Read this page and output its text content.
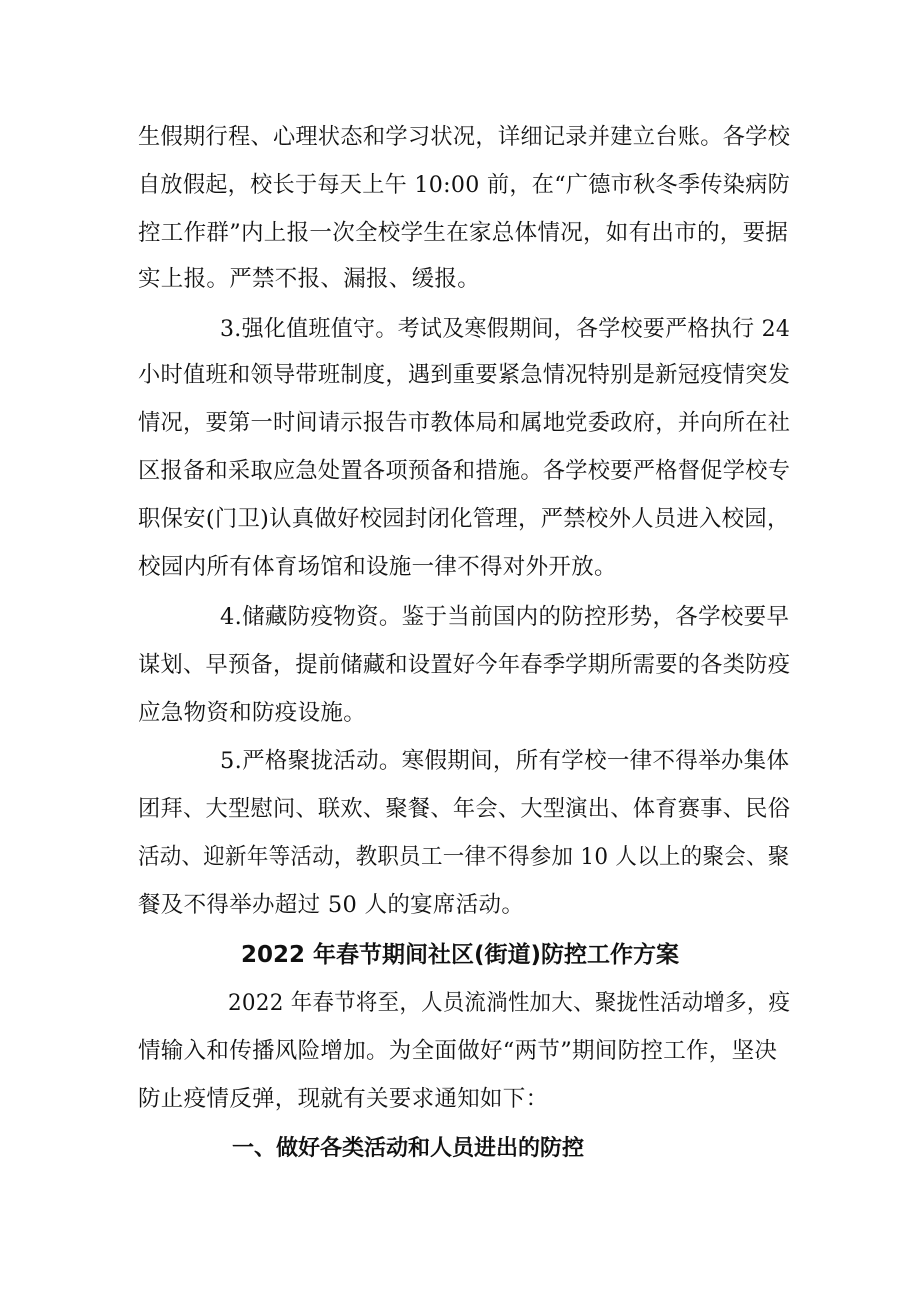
生假期行程、心理状态和学习状况，详细记录并建立台账。各学校
自放假起，校长于每天上午 10:00 前，在“广德市秋冬季传染病防
控工作群”内上报一次全校学生在家总体情况，如有出市的，要据
实上报。严禁不报、漏报、缓报。
3.强化值班值守。考试及寒假期间，各学校要严格执行 24
小时值班和领导带班制度，遇到重要紧急情况特别是新冠疫情突发
情况，要第一时间请示报告市教体局和属地党委政府，并向所在社
区报备和采取应急处置各项预备和措施。各学校要严格督促学校专
职保安(门卫)认真做好校园封闭化管理，严禁校外人员进入校园，
校园内所有体育场馆和设施一律不得对外开放。
4.储藏防疫物资。鉴于当前国内的防控形势，各学校要早
谋划、早预备，提前储藏和设置好今年春季学期所需要的各类防疫
应急物资和防疫设施。
5.严格聚拢活动。寒假期间，所有学校一律不得举办集体
团拜、大型慰问、联欢、聚餐、年会、大型演出、体育赛事、民俗
活动、迎新年等活动，教职员工一律不得参加 10 人以上的聚会、聚
餐及不得举办超过 50 人的宴席活动。
2022 年春节期间社区(街道)防控工作方案
2022 年春节将至，人员流淌性加大、聚拢性活动增多，疫
情输入和传播风险增加。为全面做好“两节”期间防控工作，坚决
防止疫情反弹，现就有关要求通知如下：
一、做好各类活动和人员进出的防控
